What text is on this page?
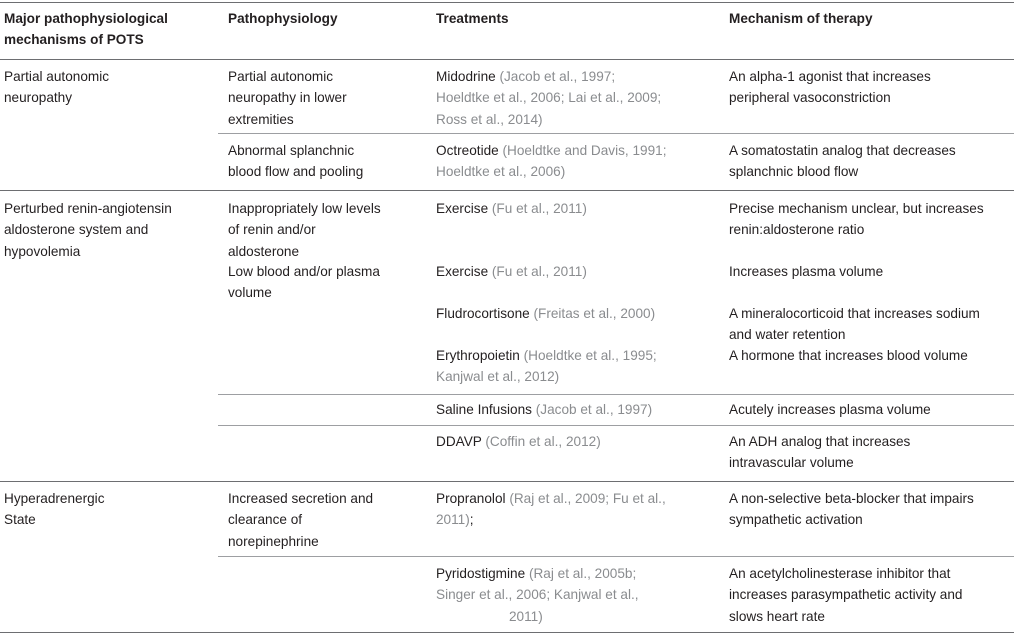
Major pathophysiological
mechanisms of POTS
Pathophysiology	Treatments	Mechanism of therapy
Partial autonomic
neuropathy
Perturbed renin-angiotensin
aldosterone system and
hypovolemia
Hyperadrenergic
State
Partial autonomic
neuropathy in lower
extremities
Abnormal splanchnic
blood flow and pooling
Inappropriately low levels
of renin and/or
aldosterone
Low blood and/or plasma
volume
Increased secretion and
clearance of
norepinephrine
Midodrine (Jacob et al., 1997;
Hoeldtke et al., 2006; Lai et al., 2009;
Ross et al., 2014)
Octreotide (Hoeldtke and Davis, 1991;
Hoeldtke et al., 2006)
Exercise (Fu et al., 2011)
Exercise (Fu et al., 2011)
Fludrocortisone (Freitas et al., 2000)
Erythropoietin (Hoeldtke et al., 1995;
Kanjwal et al., 2012)
Saline Infusions (Jacob et al., 1997)
DDAVP (Coffin et al., 2012)
Propranolol (Raj et al., 2009; Fu et al.,
2011);
Pyridostigmine (Raj et al., 2005b;
Singer et al., 2006; Kanjwal et al.,
2011)
An alpha-1 agonist that increases
peripheral vasoconstriction
A somatostatin analog that decreases
splanchnic blood flow
Precise mechanism unclear, but increases
renin:aldosterone ratio
Increases plasma volume
A mineralocorticoid that increases sodium
and water retention
A hormone that increases blood volume
Acutely increases plasma volume
An ADH analog that increases
intravascular volume
A non-selective beta-blocker that impairs
sympathetic activation
An acetylcholinesterase inhibitor that
increases parasympathetic activity and
slows heart rate
